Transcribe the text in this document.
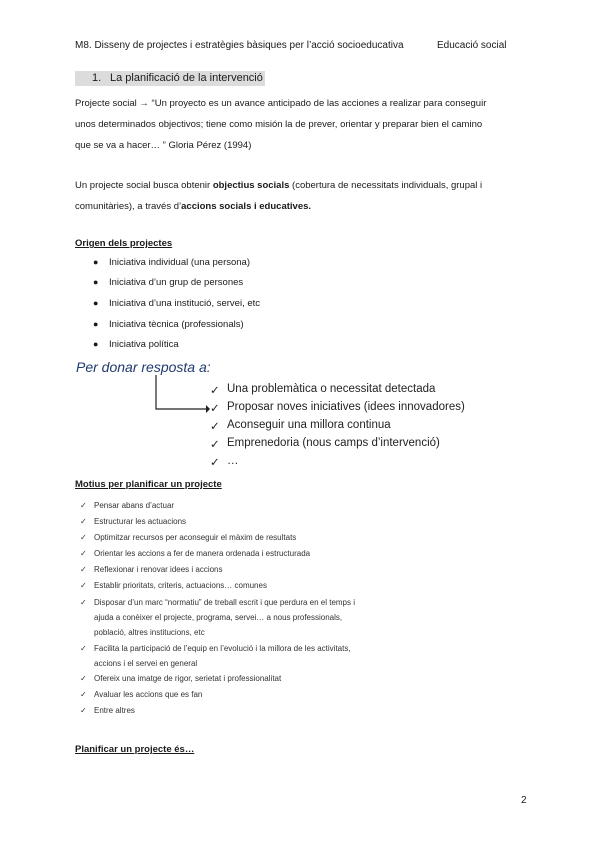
M8. Disseny de projectes i estratègies bàsiques per l’acció socioeducativa	Educació social
1. La planificació de la intervenció
Projecte social → “Un proyecto es un avance anticipado de las acciones a realizar para conseguir
unos determinados objectivos; tiene como misión la de prever, orientar y preparar bien el camino
que se va a hacer… ” Gloria Pérez (1994)
Un projecte social busca obtenir objectius socials (cobertura de necessitats individuals, grupal i
comunitàries), a través d’accions socials i educatives.
Origen dels projectes
● Iniciativa individual (una persona)
● Iniciativa d’un grup de persones
● Iniciativa d’una institució, servei, etc
● Iniciativa tècnica (professionals)
● Iniciativa política
Per donar resposta a:
✓ Una problemàtica o necessitat detectada
✓ Proposar noves iniciatives (idees innovadores)
✓ Aconseguir una millora continua
✓ Emprenedoria (nous camps d’intervenció)
✓ …
Motius per planificar un projecte
✓ Pensar abans d’actuar
✓ Estructurar les actuacions
✓ Optimitzar recursos per aconseguir el màxim de resultats
✓ Orientar les accions a fer de manera ordenada i estructurada
✓ Reflexionar i renovar idees i accions
✓ Establir prioritats, criteris, actuacions… comunes
✓ Disposar d’un marc “normatiu” de treball escrit i que perdura en el temps i
ajuda a conèixer el projecte, programa, servei… a nous professionals,
població, altres institucions, etc
✓ Facilita la participació de l’equip en l’evolució i la millora de les activitats,
accions i el servei en general
✓ Ofereix una imatge de rigor, serietat i professionalitat
✓ Avaluar les accions que es fan
✓ Entre altres
Planificar un projecte és…
2
